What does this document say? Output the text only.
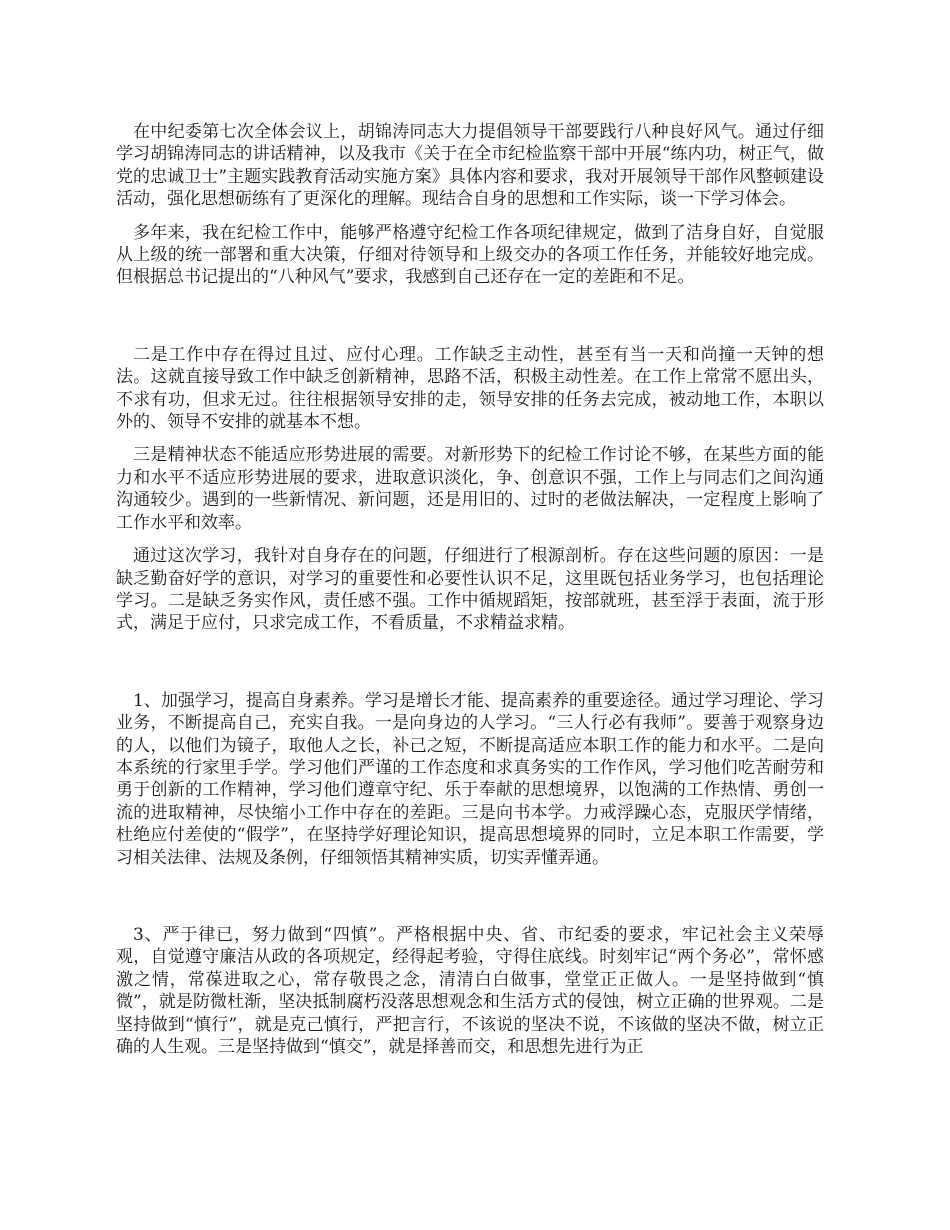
在中纪委第七次全体会议上，胡锦涛同志大力提倡领导干部要践行八种良好风气。通过仔细学习胡锦涛同志的讲话精神，以及我市《关于在全市纪检监察干部中开展“练内功，树正气，做党的忠诚卫士”主题实践教育活动实施方案》具体内容和要求，我对开展领导干部作风整顿建设活动，强化思想砺练有了更深化的理解。现结合自身的思想和工作实际，谈一下学习体会。

多年来，我在纪检工作中，能够严格遵守纪检工作各项纪律规定，做到了洁身自好，自觉服从上级的统一部署和重大决策，仔细对待领导和上级交办的各项工作任务，并能较好地完成。但根据总书记提出的“八种风气”要求，我感到自己还存在一定的差距和不足。

二是工作中存在得过且过、应付心理。工作缺乏主动性，甚至有当一天和尚撞一天钟的想法。这就直接导致工作中缺乏创新精神，思路不活，积极主动性差。在工作上常常不愿出头，不求有功，但求无过。往往根据领导安排的走，领导安排的任务去完成，被动地工作，本职以外的、领导不安排的就基本不想。

三是精神状态不能适应形势进展的需要。对新形势下的纪检工作讨论不够，在某些方面的能力和水平不适应形势进展的要求，进取意识淡化，争、创意识不强，工作上与同志们之间沟通沟通较少。遇到的一些新情况、新问题，还是用旧的、过时的老做法解决，一定程度上影响了工作水平和效率。

通过这次学习，我针对自身存在的问题，仔细进行了根源剖析。存在这些问题的原因：一是缺乏勤奋好学的意识，对学习的重要性和必要性认识不足，这里既包括业务学习，也包括理论学习。二是缺乏务实作风，责任感不强。工作中循规蹈矩，按部就班，甚至浮于表面，流于形式，满足于应付，只求完成工作，不看质量，不求精益求精。

1、加强学习，提高自身素养。学习是增长才能、提高素养的重要途径。通过学习理论、学习业务，不断提高自己，充实自我。一是向身边的人学习。“三人行必有我师”。要善于观察身边的人，以他们为镜子，取他人之长，补己之短，不断提高适应本职工作的能力和水平。二是向本系统的行家里手学。学习他们严谨的工作态度和求真务实的工作作风，学习他们吃苦耐劳和勇于创新的工作精神，学习他们遵章守纪、乐于奉献的思想境界，以饱满的工作热情、勇创一流的进取精神，尽快缩小工作中存在的差距。三是向书本学。力戒浮躁心态，克服厌学情绪，杜绝应付差使的“假学”，在坚持学好理论知识，提高思想境界的同时，立足本职工作需要，学习相关法律、法规及条例，仔细领悟其精神实质，切实弄懂弄通。

3、严于律已，努力做到“四慎”。严格根据中央、省、市纪委的要求，牢记社会主义荣辱观，自觉遵守廉洁从政的各项规定，经得起考验，守得住底线。时刻牢记“两个务必”，常怀感激之情，常葆进取之心，常存敬畏之念，清清白白做事，堂堂正正做人。一是坚持做到“慎微”，就是防微杜渐，坚决抵制腐朽没落思想观念和生活方式的侵蚀，树立正确的世界观。二是坚持做到“慎行”，就是克己慎行，严把言行，不该说的坚决不说，不该做的坚决不做，树立正确的人生观。三是坚持做到“慎交”，就是择善而交，和思想先进行为正
